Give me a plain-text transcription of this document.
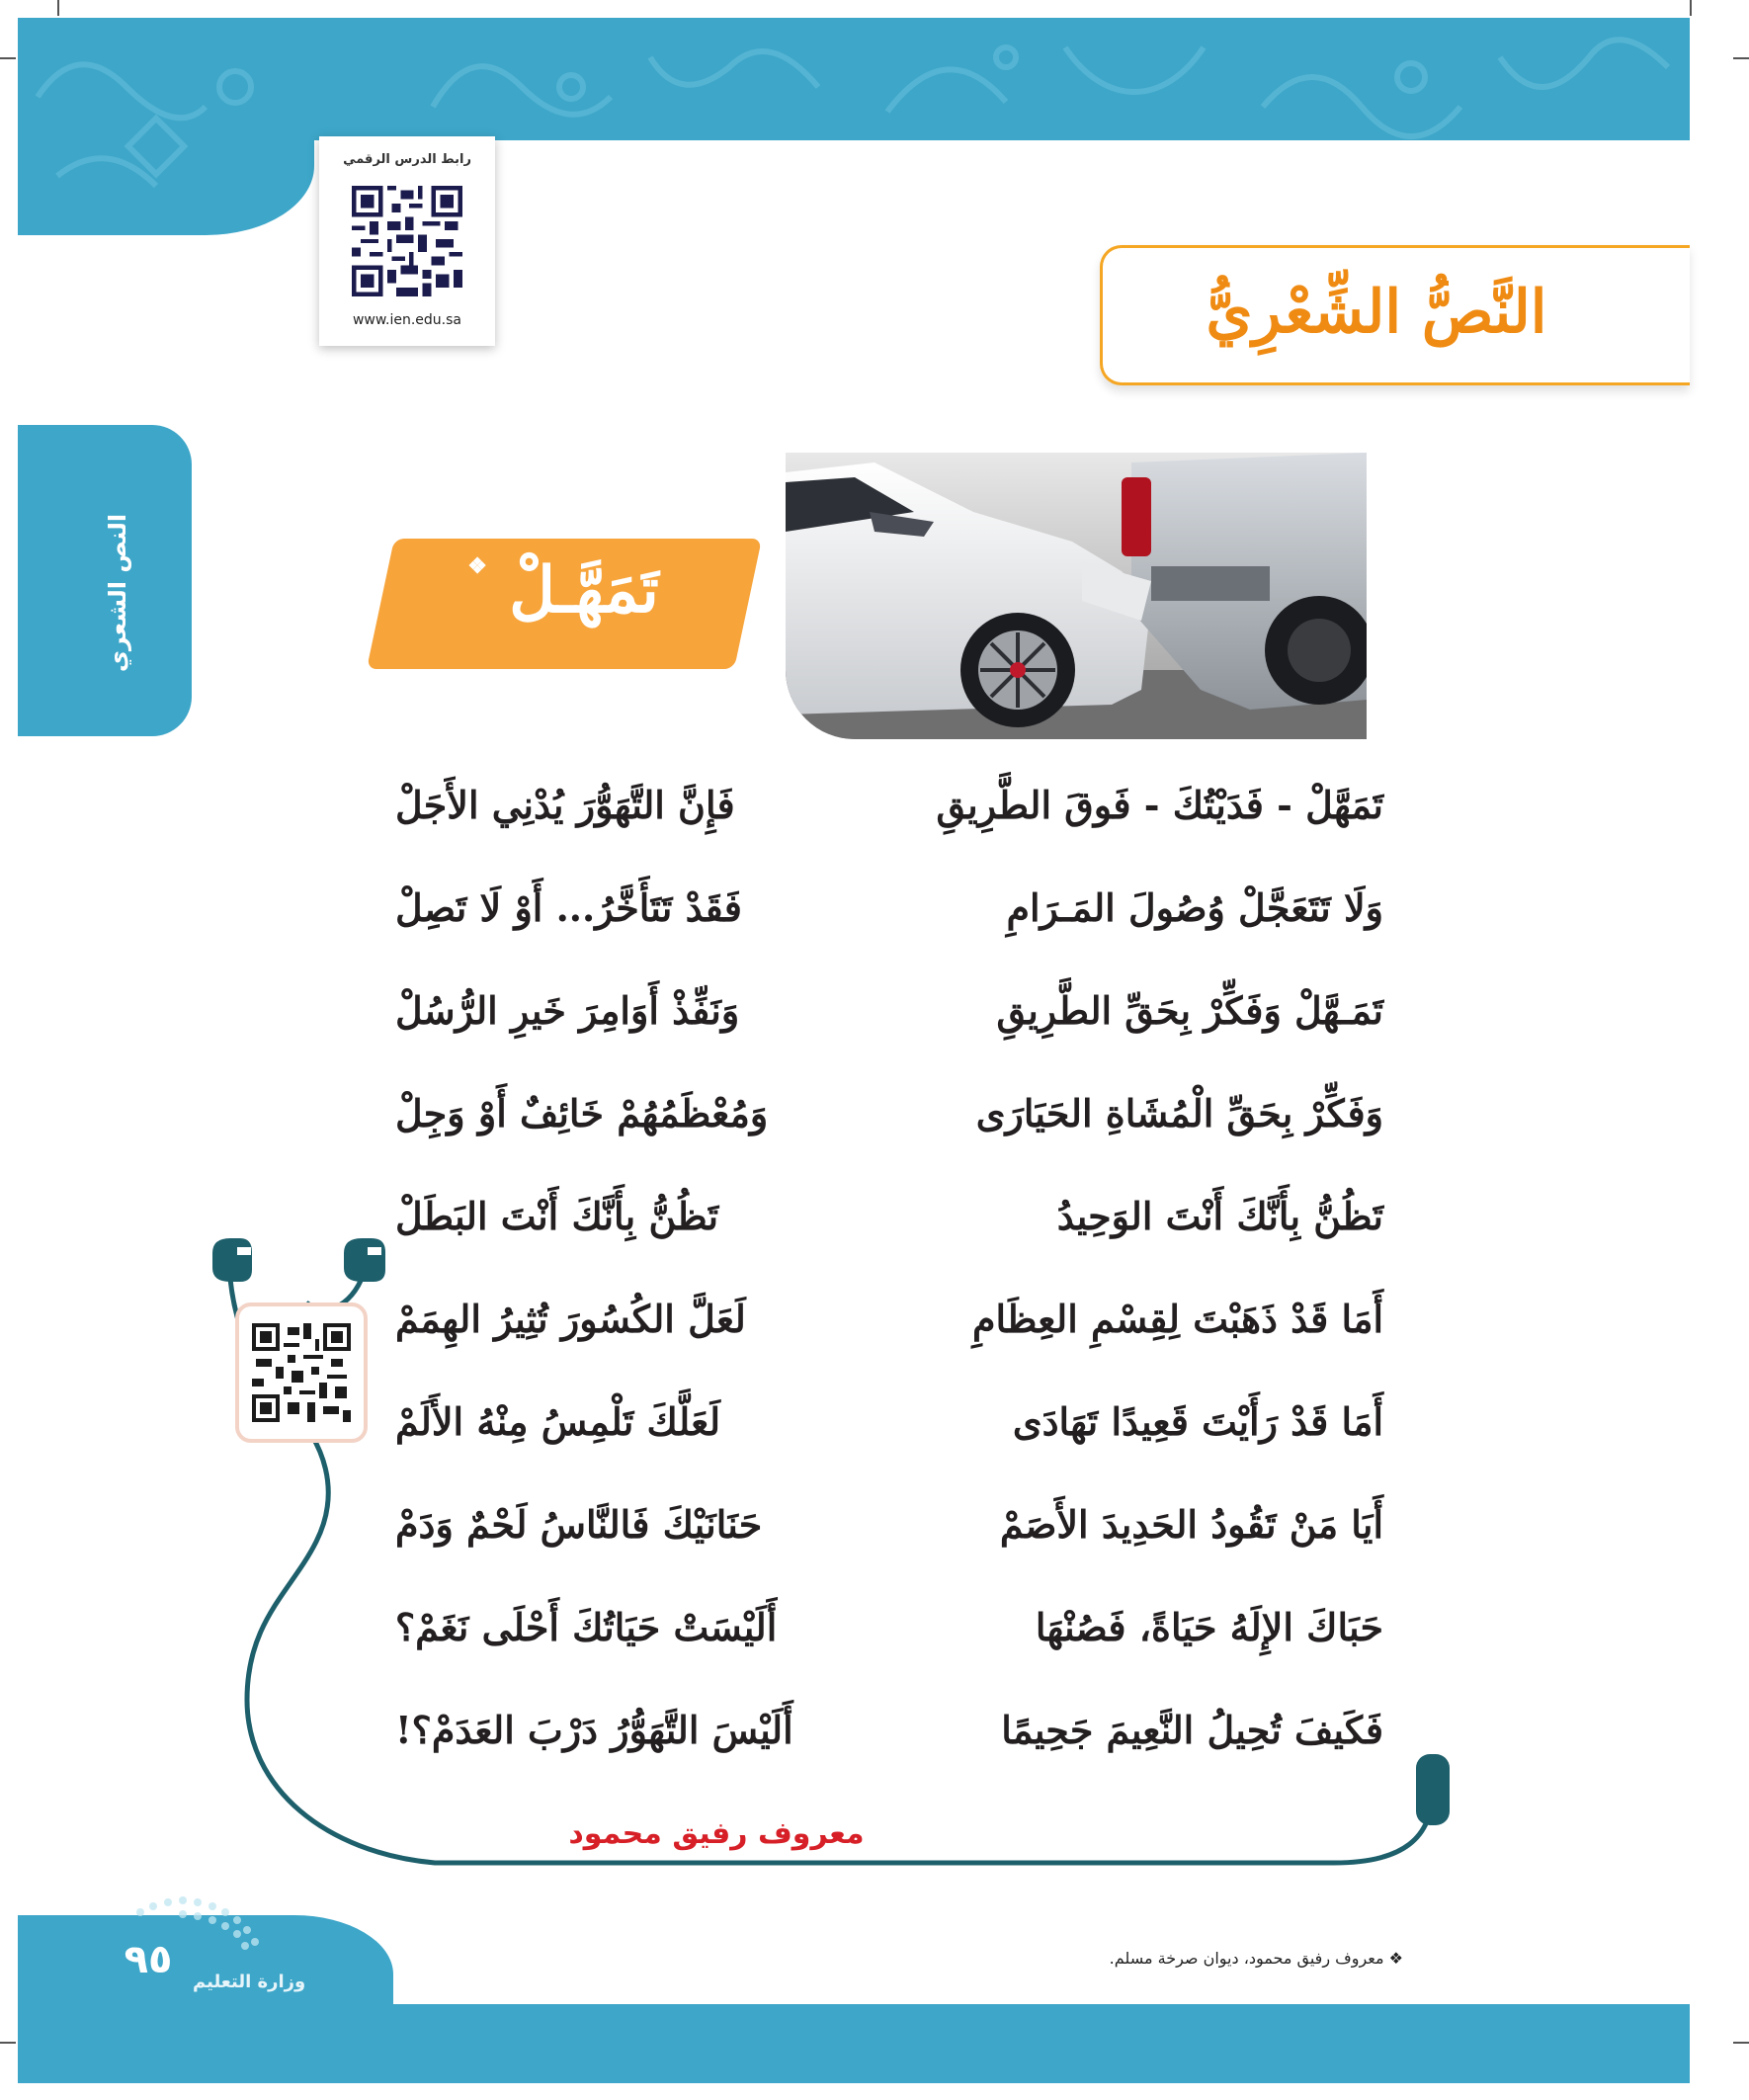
رابط الدرس الرقمي
www.ien.edu.sa	النَّصُّ الشِّعْرِيُّ
النص الشعري	تَمَهَّـلْ ❖
تَمَهَّلْ - فَدَيْتُكَ - فَوقَ الطَّرِيقِ
فَإِنَّ التَّهَوُّرَ يُدْنِي الأَجَلْ
وَلَا تَتَعَجَّلْ وُصُولَ المَـرَامِ
فَقَدْ تَتَأَخَّرُ... أَوْ لَا تَصِلْ
تَمَـهَّلْ وَفَكِّرْ بِحَقِّ الطَّرِيقِ
وَنَفِّذْ أَوَامِرَ خَيرِ الرُّسُلْ
وَفَكِّرْ بِحَقِّ الْمُشَاةِ الحَيَارَى
وَمُعْظَمُهُمْ خَائِفٌ أَوْ وَجِلْ
تَظُنُّ بِأَنَّكَ أَنْتَ الوَحِيدُ
تَظُنُّ بِأَنَّكَ أَنْتَ البَطَلْ
أَمَا قَدْ ذَهَبْتَ لِقِسْمِ العِظَامِ
لَعَلَّ الكُسُورَ تُثِيرُ الهِمَمْ
أَمَا قَدْ رَأَيْتَ قَعِيدًا تَهَادَى
لَعَلَّكَ تَلْمِسُ مِنْهُ الأَلَمْ
أَيَا مَنْ تَقُودُ الحَدِيدَ الأَصَمْ
حَنَانَيْكَ فَالنَّاسُ لَحْمٌ وَدَمْ
حَبَاكَ الإِلَهُ حَيَاةً، فَصُنْهَا
أَلَيْسَتْ حَيَاتُكَ أَحْلَى نَغَمْ؟
فَكَيفَ تُحِيلُ النَّعِيمَ جَحِيمًا
أَلَيْسَ التَّهَوُّرُ دَرْبَ العَدَمْ؟!
معروف رفيق محمود
❖ معروف رفيق محمود، ديوان صرخة مسلم.
٩٥	وزارة التعليم
